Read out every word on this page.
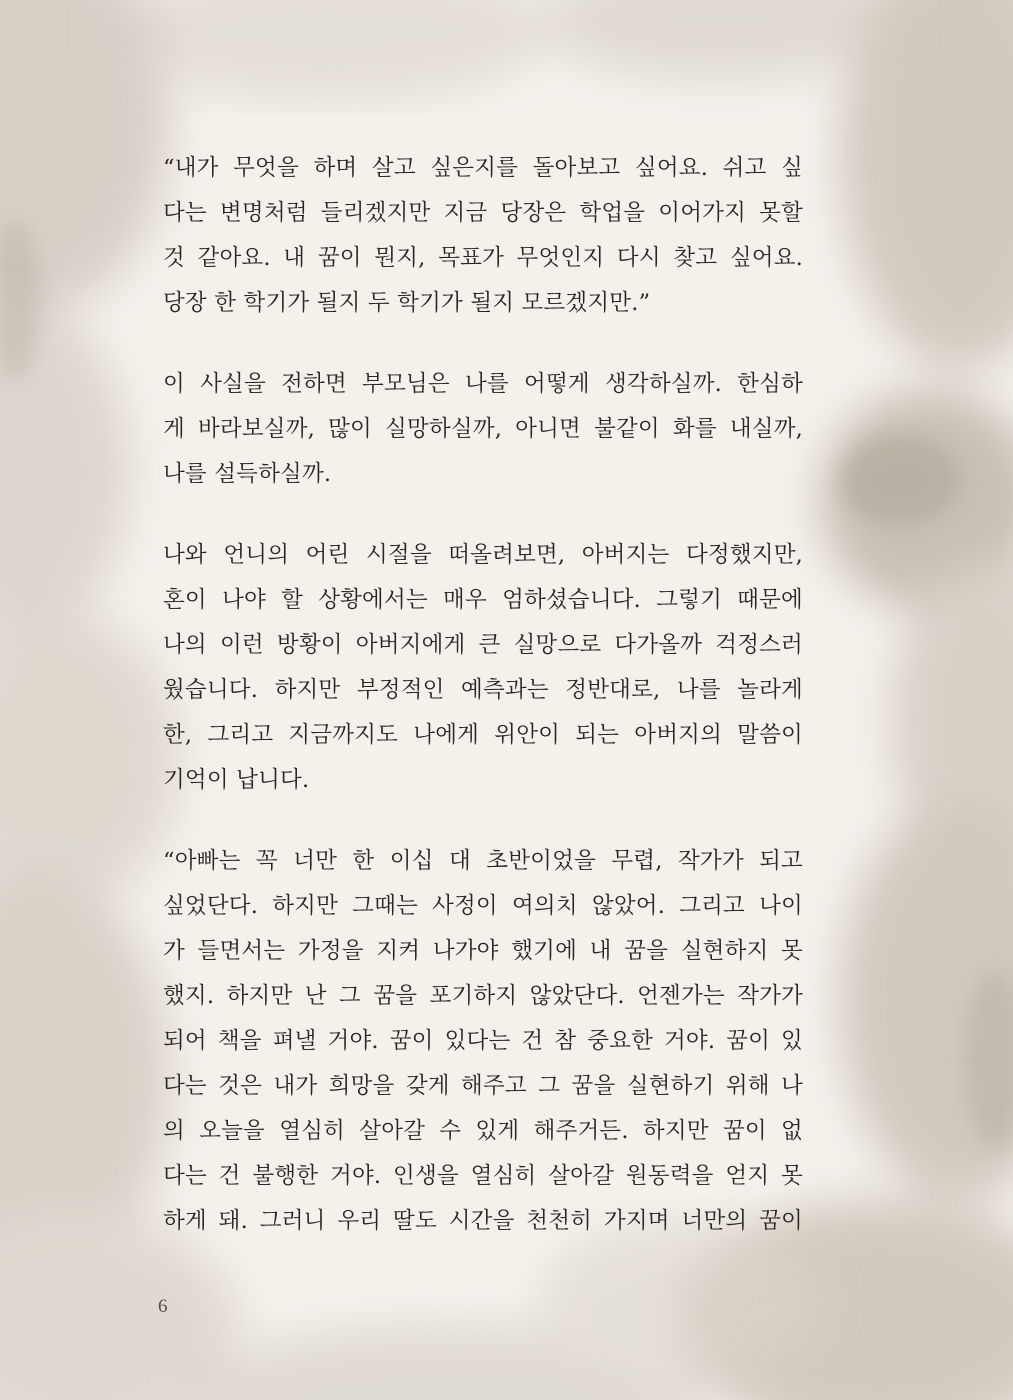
“내가 무엇을 하며 살고 싶은지를 돌아보고 싶어요. 쉬고 싶
다는 변명처럼 들리겠지만 지금 당장은 학업을 이어가지 못할
것 같아요. 내 꿈이 뭔지, 목표가 무엇인지 다시 찾고 싶어요.
당장 한 학기가 될지 두 학기가 될지 모르겠지만.”
이 사실을 전하면 부모님은 나를 어떻게 생각하실까. 한심하
게 바라보실까, 많이 실망하실까, 아니면 불같이 화를 내실까,
나를 설득하실까.
나와 언니의 어린 시절을 떠올려보면, 아버지는 다정했지만,
혼이 나야 할 상황에서는 매우 엄하셨습니다. 그렇기 때문에
나의 이런 방황이 아버지에게 큰 실망으로 다가올까 걱정스러
웠습니다. 하지만 부정적인 예측과는 정반대로, 나를 놀라게
한, 그리고 지금까지도 나에게 위안이 되는 아버지의 말씀이
기억이 납니다.
“아빠는 꼭 너만 한 이십 대 초반이었을 무렵, 작가가 되고
싶었단다. 하지만 그때는 사정이 여의치 않았어. 그리고 나이
가 들면서는 가정을 지켜 나가야 했기에 내 꿈을 실현하지 못
했지. 하지만 난 그 꿈을 포기하지 않았단다. 언젠가는 작가가
되어 책을 펴낼 거야. 꿈이 있다는 건 참 중요한 거야. 꿈이 있
다는 것은 내가 희망을 갖게 해주고 그 꿈을 실현하기 위해 나
의 오늘을 열심히 살아갈 수 있게 해주거든. 하지만 꿈이 없
다는 건 불행한 거야. 인생을 열심히 살아갈 원동력을 얻지 못
하게 돼. 그러니 우리 딸도 시간을 천천히 가지며 너만의 꿈이
6
